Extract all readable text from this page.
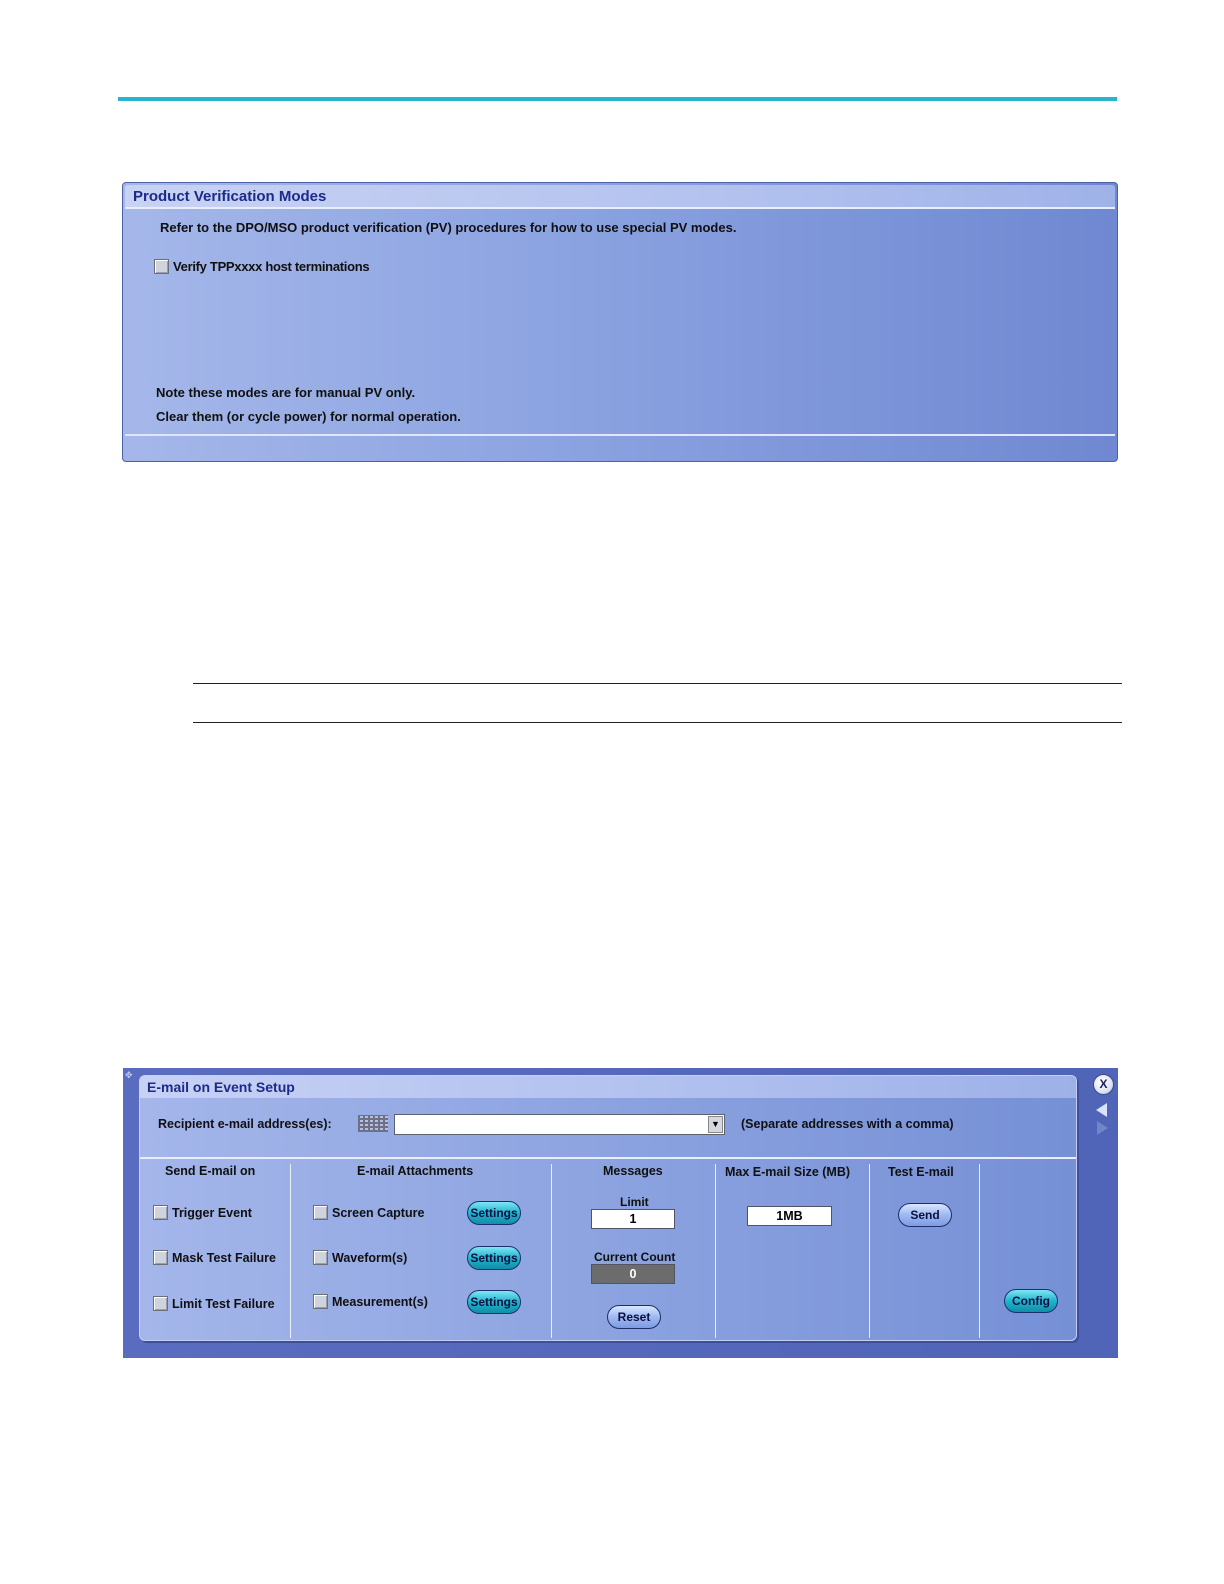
Product Verification Modes
Refer to the DPO/MSO product verification (PV) procedures for how to use special PV modes.
Verify TPPxxxx host terminations
Note these modes are for manual PV only.
Clear them (or cycle power) for normal operation.
✥
E-mail on Event Setup
Recipient e-mail address(es):	▼ (Separate addresses with a comma)
Send E-mail on
Trigger Event
Mask Test Failure
Limit Test Failure
E-mail Attachments
Screen Capture
Waveform(s)
Measurement(s)
Settings
Settings
Settings
Messages
Limit
1
Current Count
0
Reset
Max E-mail Size (MB)
1MB
Test E-mail
Send
Config
X
